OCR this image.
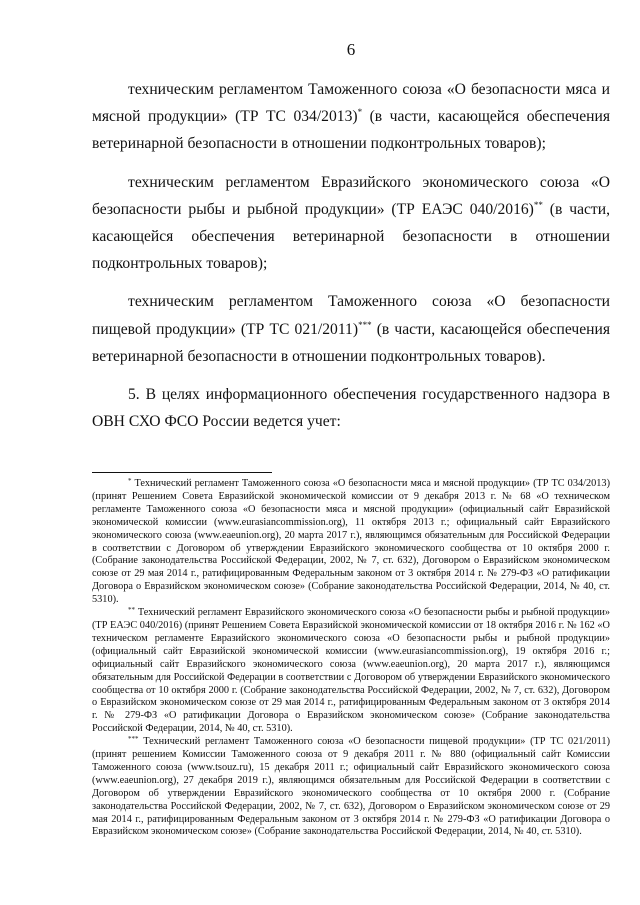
6

техническим регламентом Таможенного союза «О безопасности мяса и мясной продукции» (ТР ТС 034/2013)* (в части, касающейся обеспечения ветеринарной безопасности в отношении подконтрольных товаров);

техническим регламентом Евразийского экономического союза «О безопасности рыбы и рыбной продукции» (ТР ЕАЭС 040/2016)** (в части, касающейся обеспечения ветеринарной безопасности в отношении подконтрольных товаров);

техническим регламентом Таможенного союза «О безопасности пищевой продукции» (ТР ТС 021/2011)*** (в части, касающейся обеспечения ветеринарной безопасности в отношении подконтрольных товаров).

5. В целях информационного обеспечения государственного надзора в ОВН СХО ФСО России ведется учет:

* Технический регламент Таможенного союза «О безопасности мяса и мясной продукции» (ТР ТС 034/2013) (принят Решением Совета Евразийской экономической комиссии от 9 декабря 2013 г. № 68 «О техническом регламенте Таможенного союза «О безопасности мяса и мясной продукции» (официальный сайт Евразийской экономической комиссии (www.eurasiancommission.org), 11 октября 2013 г.; официальный сайт Евразийского экономического союза (www.eaeunion.org), 20 марта 2017 г.), являющимся обязательным для Российской Федерации в соответствии с Договором об утверждении Евразийского экономического сообщества от 10 октября 2000 г. (Собрание законодательства Российской Федерации, 2002, № 7, ст. 632), Договором о Евразийском экономическом союзе от 29 мая 2014 г., ратифицированным Федеральным законом от 3 октября 2014 г. № 279-ФЗ «О ратификации Договора о Евразийском экономическом союзе» (Собрание законодательства Российской Федерации, 2014, № 40, ст. 5310).

** Технический регламент Евразийского экономического союза «О безопасности рыбы и рыбной продукции» (ТР ЕАЭС 040/2016) (принят Решением Совета Евразийской экономической комиссии от 18 октября 2016 г. № 162 «О техническом регламенте Евразийского экономического союза «О безопасности рыбы и рыбной продукции» (официальный сайт Евразийской экономической комиссии (www.eurasiancommission.org), 19 октября 2016 г.; официальный сайт Евразийского экономического союза (www.eaeunion.org), 20 марта 2017 г.), являющимся обязательным для Российской Федерации в соответствии с Договором об утверждении Евразийского экономического сообщества от 10 октября 2000 г. (Собрание законодательства Российской Федерации, 2002, № 7, ст. 632), Договором о Евразийском экономическом союзе от 29 мая 2014 г., ратифицированным Федеральным законом от 3 октября 2014 г. № 279-ФЗ «О ратификации Договора о Евразийском экономическом союзе» (Собрание законодательства Российской Федерации, 2014, № 40, ст. 5310).

*** Технический регламент Таможенного союза «О безопасности пищевой продукции» (ТР ТС 021/2011) (принят решением Комиссии Таможенного союза от 9 декабря 2011 г. № 880 (официальный сайт Комиссии Таможенного союза (www.tsouz.ru), 15 декабря 2011 г.; официальный сайт Евразийского экономического союза (www.eaeunion.org), 27 декабря 2019 г.), являющимся обязательным для Российской Федерации в соответствии с Договором об утверждении Евразийского экономического сообщества от 10 октября 2000 г. (Собрание законодательства Российской Федерации, 2002, № 7, ст. 632), Договором о Евразийском экономическом союзе от 29 мая 2014 г., ратифицированным Федеральным законом от 3 октября 2014 г. № 279-ФЗ «О ратификации Договора о Евразийском экономическом союзе» (Собрание законодательства Российской Федерации, 2014, № 40, ст. 5310).
